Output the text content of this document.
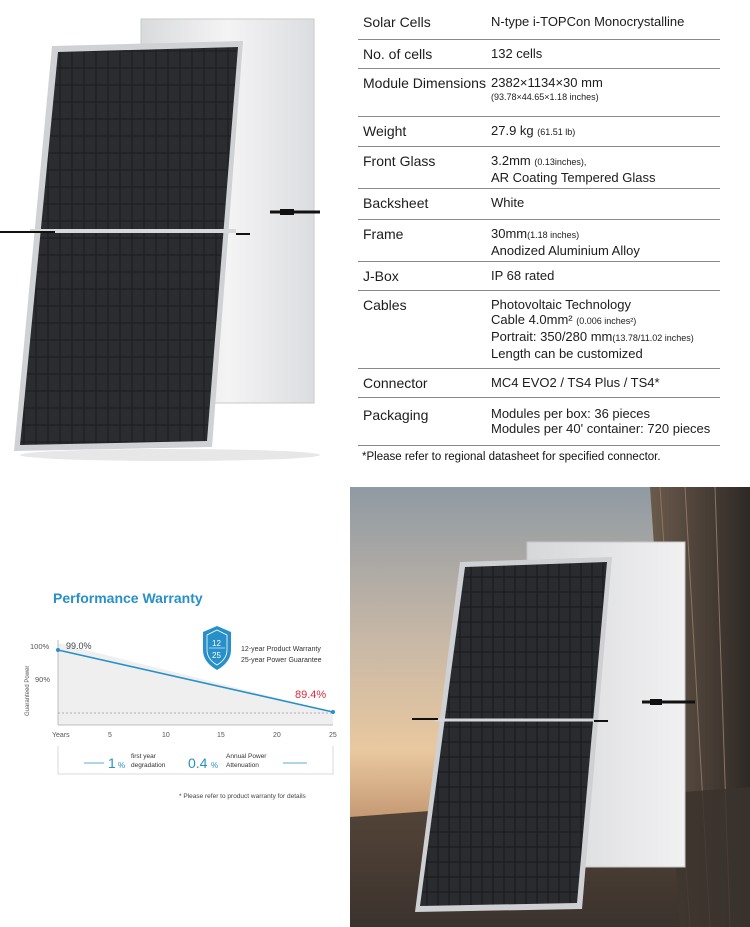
Solar Cells	N-type i-TOPCon Monocrystalline
No. of cells	132 cells
Module Dimensions 2382×1134×30 mm
(93.78×44.65×1.18 inches)
Weight	27.9 kg (61.51 lb)
Front Glass	3.2mm (0.13inches),
AR Coating Tempered Glass
Backsheet	White
Frame	30mm(1.18 inches)
Anodized Aluminium Alloy
J-Box	IP 68 rated
Cables	Photovoltaic Technology
Cable 4.0mm² (0.006 inches²)
Portrait: 350/280 mm(13.78/11.02 inches)
Length can be customized
Connector	MC4 EVO2 / TS4 Plus / TS4*
Packaging	Modules per box: 36 pieces
Modules per 40' container: 720 pieces
*Please refer to regional datasheet for specified connector.
100%
90%
Guaranteed Power
Years	5	10	15	20	25
99.0%
89.4%
12
25
12-year Product Warranty
25-year Power Guarantee
1 %
first year
degradation 0.4 %
Annual Power
Attenuation
* Please refer to product warranty for details
Performance Warranty
